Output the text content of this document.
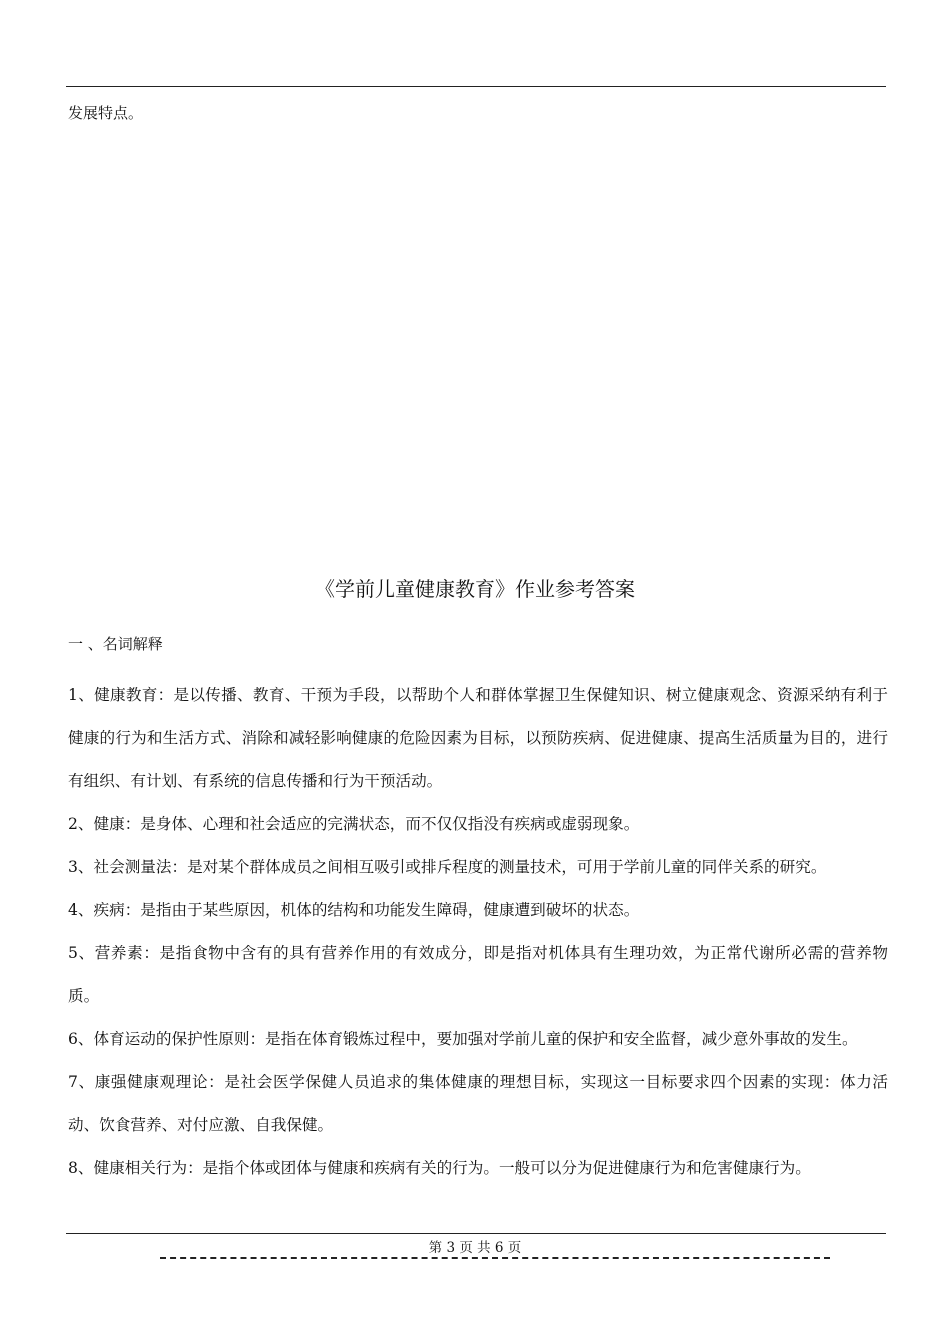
发展特点。
《学前儿童健康教育》作业参考答案
一 、名词解释

1、健康教育：是以传播、教育、干预为手段，以帮助个人和群体掌握卫生保健知识、树立健康观念、资源采纳有利于健康的行为和生活方式、消除和减轻影响健康的危险因素为目标，以预防疾病、促进健康、提高生活质量为目的，进行有组织、有计划、有系统的信息传播和行为干预活动。

2、健康：是身体、心理和社会适应的完满状态，而不仅仅指没有疾病或虚弱现象。

3、社会测量法：是对某个群体成员之间相互吸引或排斥程度的测量技术，可用于学前儿童的同伴关系的研究。

4、疾病：是指由于某些原因，机体的结构和功能发生障碍，健康遭到破坏的状态。

5、营养素：是指食物中含有的具有营养作用的有效成分，即是指对机体具有生理功效，为正常代谢所必需的营养物质。

6、体育运动的保护性原则：是指在体育锻炼过程中，要加强对学前儿童的保护和安全监督，减少意外事故的发生。

7、康强健康观理论：是社会医学保健人员追求的集体健康的理想目标，实现这一目标要求四个因素的实现：体力活动、饮食营养、对付应激、自我保健。

8、健康相关行为：是指个体或团体与健康和疾病有关的行为。一般可以分为促进健康行为和危害健康行为。

第 3 页 共 6 页
